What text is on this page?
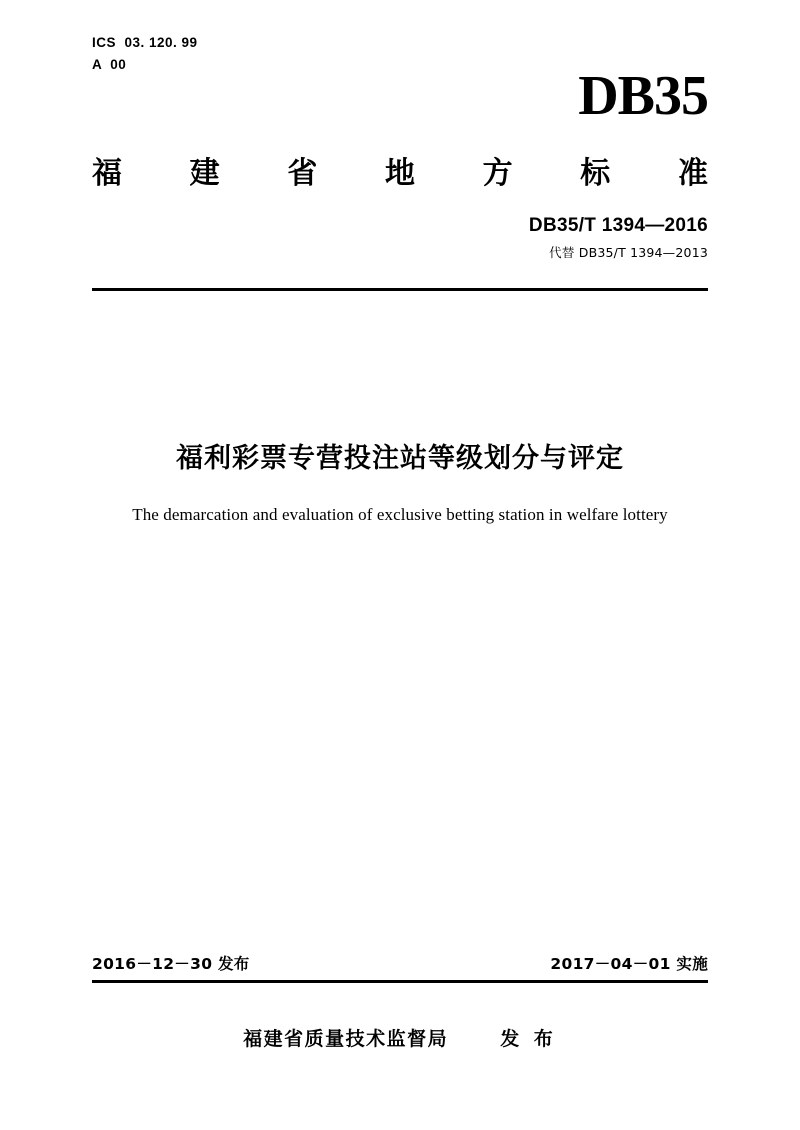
ICS  03. 120. 99
A  00
DB35
福 建 省 地 方 标 准
DB35/T 1394—2016
代替 DB35/T 1394—2013
福利彩票专营投注站等级划分与评定
The demarcation and evaluation of exclusive betting station in welfare lottery
2016－12－30 发布	2017－04－01 实施
福建省质量技术监督局	发 布
